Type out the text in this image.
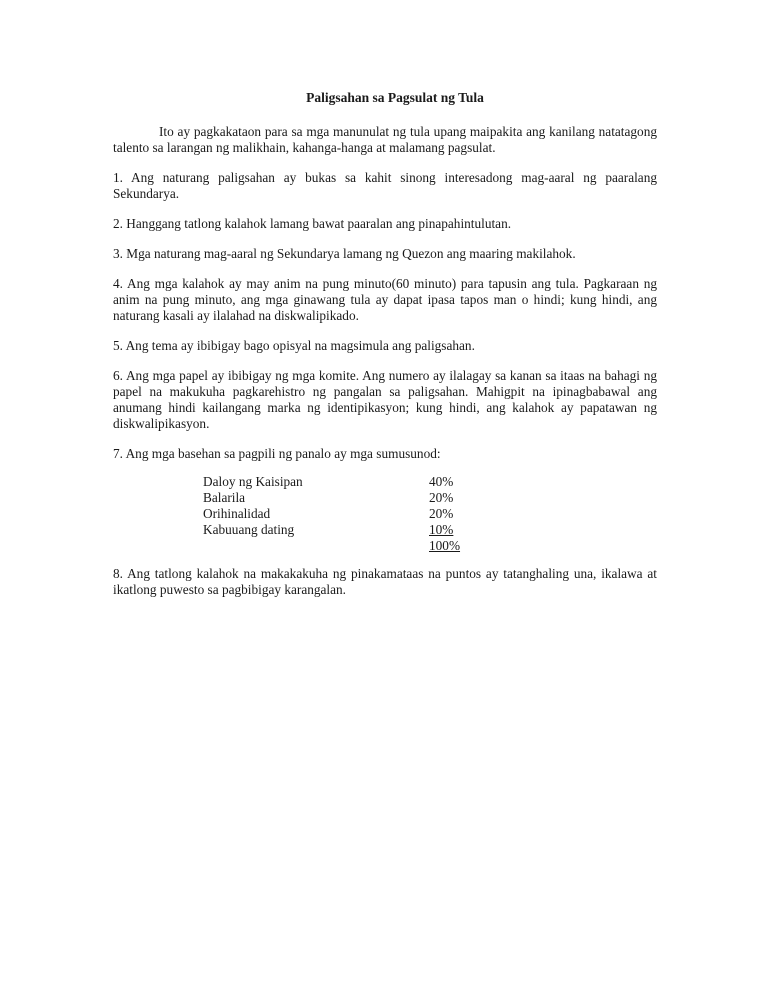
Paligsahan sa Pagsulat ng Tula

Ito ay pagkakataon para sa mga manunulat ng tula upang maipakita ang kanilang natatagong talento sa larangan ng malikhain, kahanga-hanga at malamang pagsulat.

1. Ang naturang paligsahan ay bukas sa kahit sinong interesadong mag-aaral ng paaralang Sekundarya.

2. Hanggang tatlong kalahok lamang bawat paaralan ang pinapahintulutan.

3. Mga naturang mag-aaral ng Sekundarya lamang ng Quezon ang maaring makilahok.

4. Ang mga kalahok ay may anim na pung minuto(60 minuto) para tapusin ang tula. Pagkaraan ng anim na pung minuto, ang mga ginawang tula ay dapat ipasa tapos man o hindi; kung hindi, ang naturang kasali ay ilalahad na diskwalipikado.

5. Ang tema ay ibibigay bago opisyal na magsimula ang paligsahan.

6. Ang mga papel ay ibibigay ng mga komite. Ang numero ay ilalagay sa kanan sa itaas na bahagi ng papel na makukuha pagkarehistro ng pangalan sa paligsahan. Mahigpit na ipinagbabawal ang anumang hindi kailangang marka ng identipikasyon; kung hindi, ang kalahok ay papatawan ng diskwalipikasyon.

7. Ang mga basehan sa pagpili ng panalo ay mga sumusunod:

Daloy ng Kaisipan	40%
Balarila	20%
Orihinalidad	20%
Kabuuang dating	10%
	100%

8. Ang tatlong kalahok na makakakuha ng pinakamataas na puntos ay tatanghaling una, ikalawa at ikatlong puwesto sa pagbibigay karangalan.
